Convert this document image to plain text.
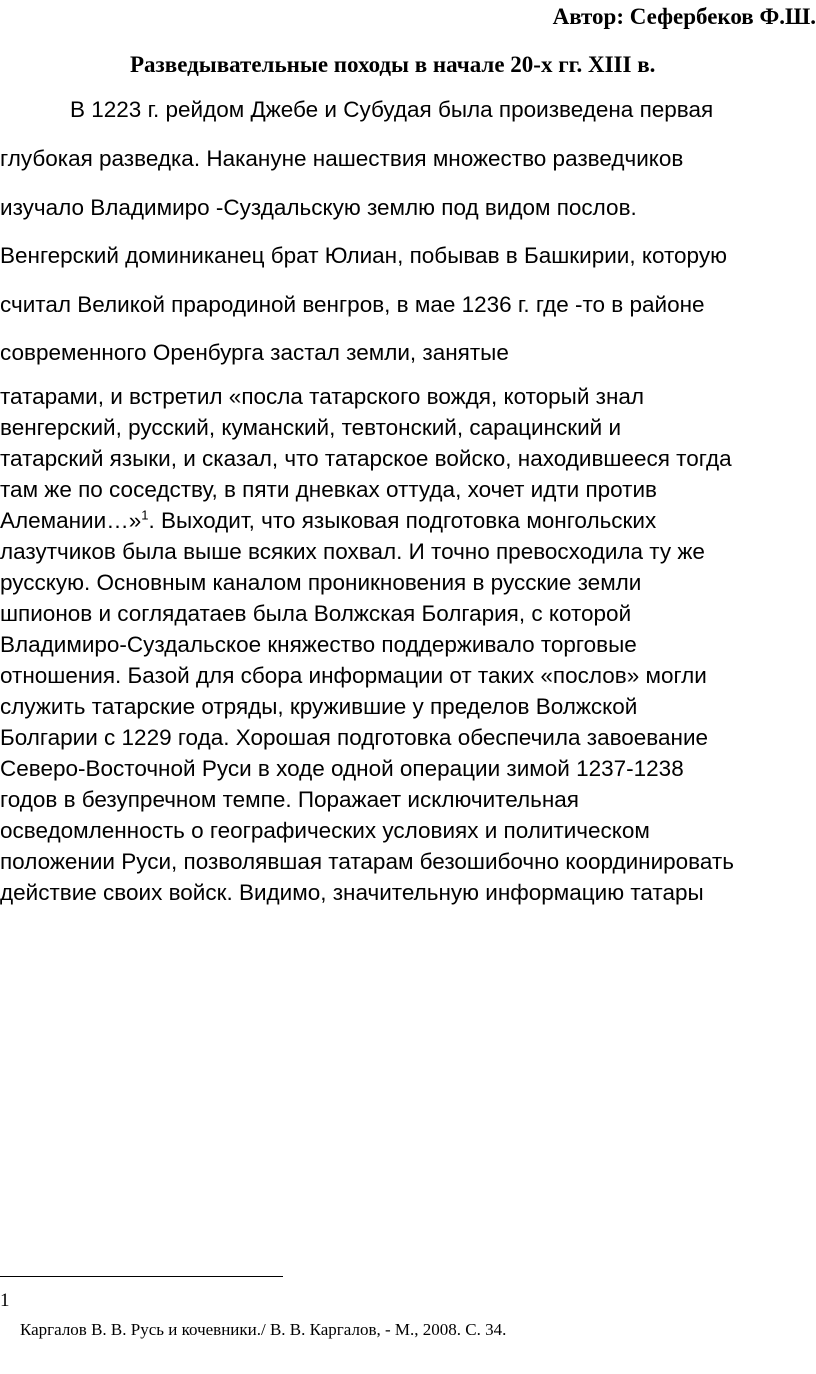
Автор: Сефербеков Ф.Ш.
Разведывательные походы в начале 20-х гг. XIII в.
В 1223 г. рейдом Джебе и Субудая была произведена первая
глубокая разведка. Накануне нашествия множество разведчиков
изучало Владимиро -Суздальскую землю под видом послов.
Венгерский доминиканец брат Юлиан, побывав в Башкирии, которую
считал Великой прародиной венгров, в мае 1236 г. где -то в районе
современного Оренбурга застал земли, занятые
татарами, и встретил «посла татарского вождя, который знал
венгерский, русский, куманский, тевтонский, сарацинский и
татарский языки, и сказал, что татарское войско, находившееся тогда
там же по соседству, в пяти дневках оттуда, хочет идти против
Алемании…»$^1$. Выходит, что языковая подготовка монгольских
лазутчиков была выше всяких похвал. И точно превосходила ту же
русскую. Основным каналом проникновения в русские земли
шпионов и соглядатаев была Волжская Болгария, с которой
Владимиро-Суздальское княжество поддерживало торговые
отношения. Базой для сбора информации от таких «послов» могли
служить татарские отряды, кружившие у пределов Волжской
Болгарии с 1229 года. Хорошая подготовка обеспечила завоевание
Северо-Восточной Руси в ходе одной операции зимой 1237-1238
годов в безупречном темпе. Поражает исключительная
осведомленность о географических условиях и политическом
положении Руси, позволявшая татарам безошибочно координировать
действие своих войск. Видимо, значительную информацию татары
1
Каргалов В. В. Русь и кочевники./ В. В. Каргалов, - М., 2008. С. 34.
